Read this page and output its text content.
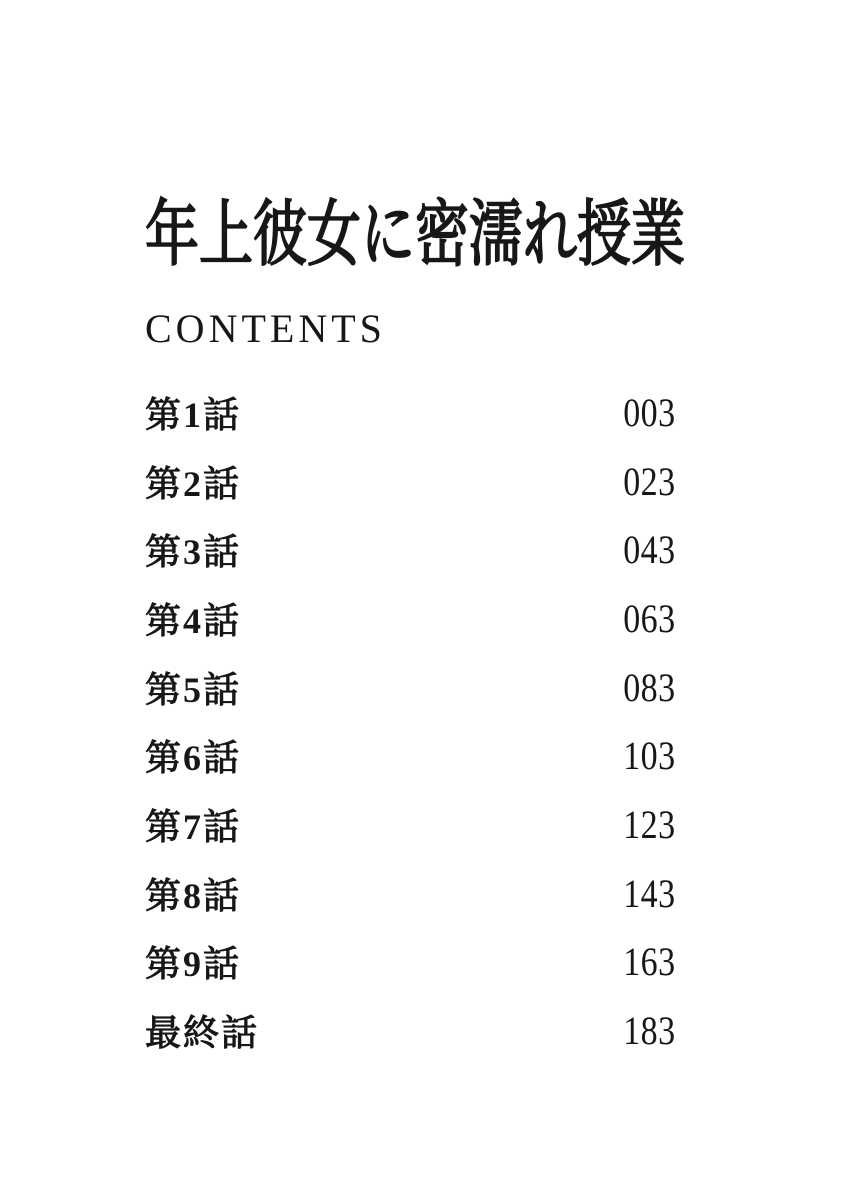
年上彼女に密濡れ授業
CONTENTS
第1話	003
第2話	023
第3話	043
第4話	063
第5話	083
第6話	103
第7話	123
第8話	143
第9話	163
最終話	183
